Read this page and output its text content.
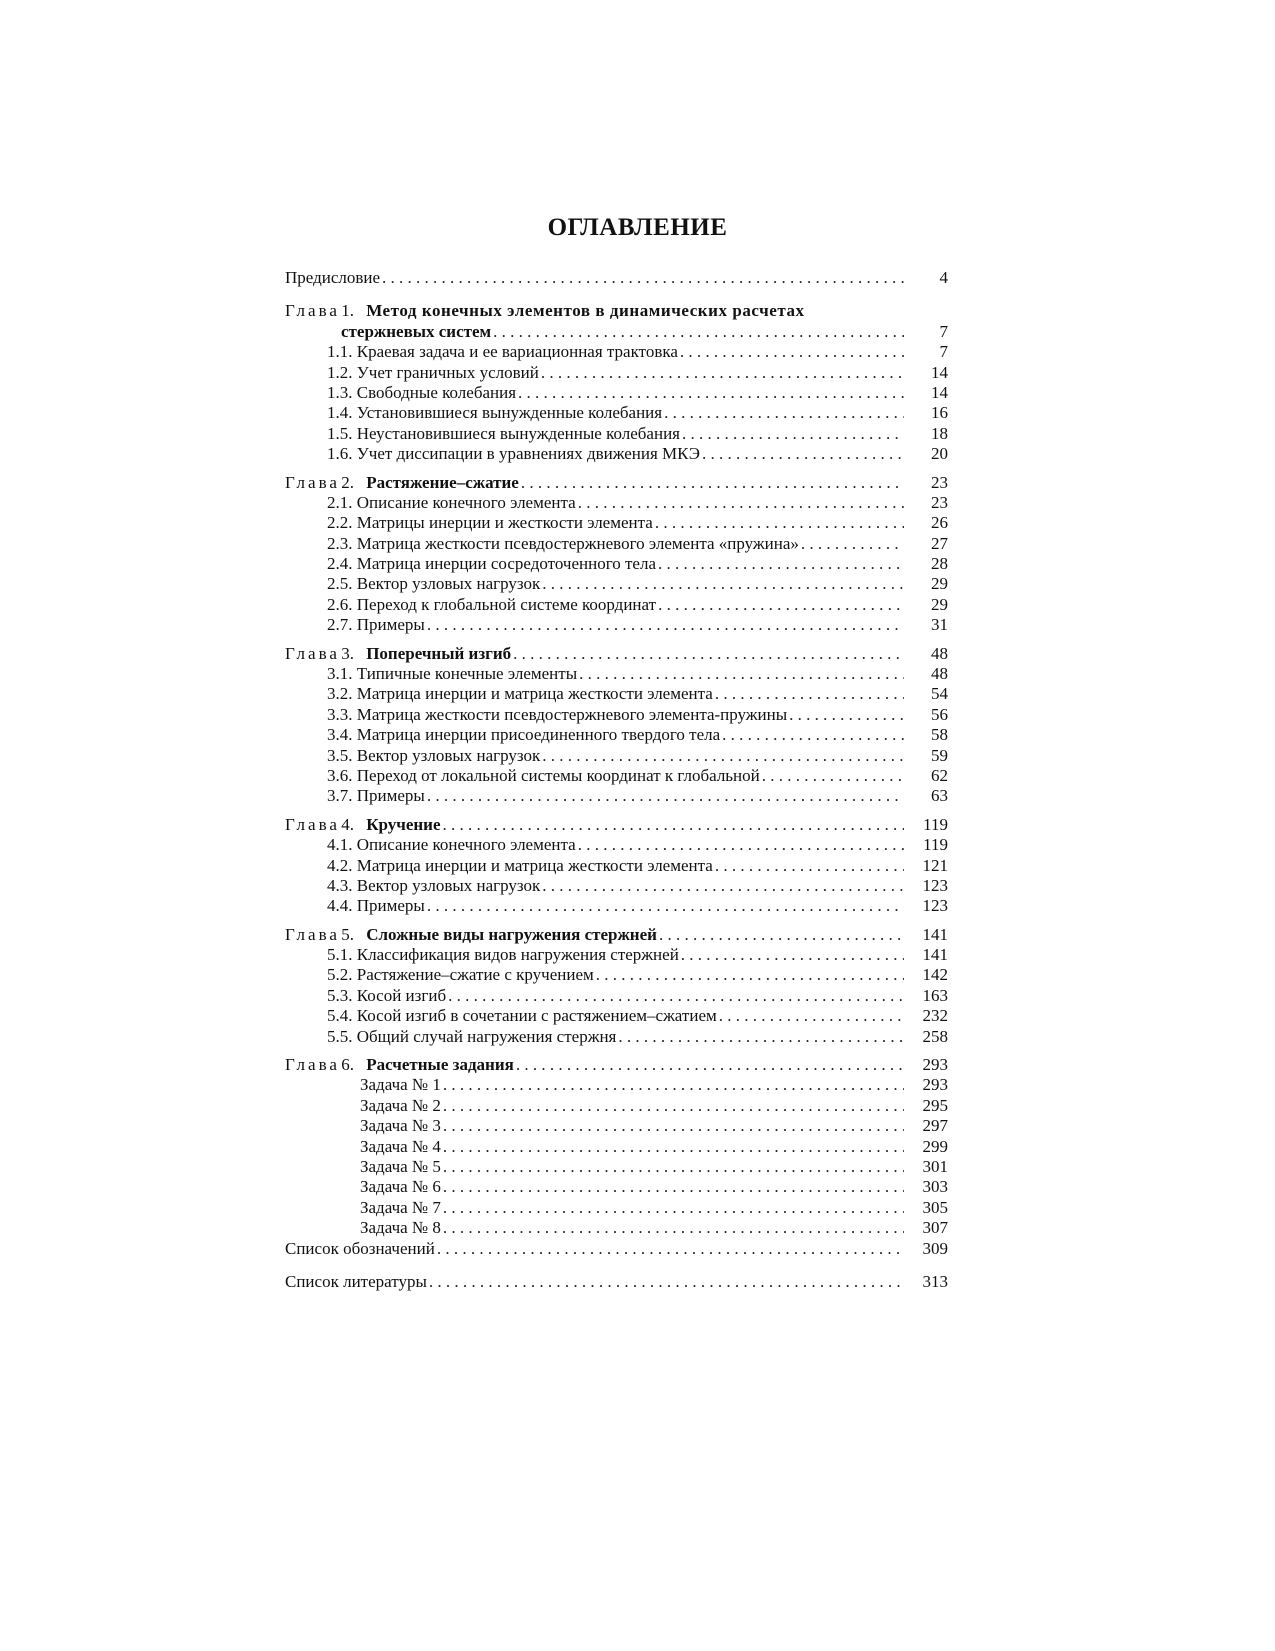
ОГЛАВЛЕНИЕ
Предисловие . . .	4
Глава 1. Метод конечных элементов в динамических расчетах
стержневых систем . . .	7
1.1. Краевая задача и ее вариационная трактовка . . .	7
1.2. Учет граничных условий . . .	14
1.3. Свободные колебания . . .	14
1.4. Установившиеся вынужденные колебания . . .	16
1.5. Неустановившиеся вынужденные колебания . . .	18
1.6. Учет диссипации в уравнениях движения МКЭ . . .	20
Глава 2. Растяжение–сжатие . . .	23
2.1. Описание конечного элемента . . .	23
2.2. Матрицы инерции и жесткости элемента . . .	26
2.3. Матрица жесткости псевдостержневого элемента «пружина» . . .	27
2.4. Матрица инерции сосредоточенного тела . . .	28
2.5. Вектор узловых нагрузок . . .	29
2.6. Переход к глобальной системе координат . . .	29
2.7. Примеры . . .	31
Глава 3. Поперечный изгиб . . .	48
3.1. Типичные конечные элементы . . .	48
3.2. Матрица инерции и матрица жесткости элемента . . .	54
3.3. Матрица жесткости псевдостержневого элемента-пружины . . .	56
3.4. Матрица инерции присоединенного твердого тела . . .	58
3.5. Вектор узловых нагрузок . . .	59
3.6. Переход от локальной системы координат к глобальной . . .	62
3.7. Примеры . . .	63
Глава 4. Кручение . . .	119
4.1. Описание конечного элемента . . .	119
4.2. Матрица инерции и матрица жесткости элемента . . .	121
4.3. Вектор узловых нагрузок . . .	123
4.4. Примеры . . .	123
Глава 5. Сложные виды нагружения стержней . . .	141
5.1. Классификация видов нагружения стержней . . .	141
5.2. Растяжение–сжатие с кручением . . .	142
5.3. Косой изгиб . . .	163
5.4. Косой изгиб в сочетании с растяжением–сжатием . . .	232
5.5. Общий случай нагружения стержня . . .	258
Глава 6. Расчетные задания . . .	293
Задача № 1 . . .	293
Задача № 2 . . .	295
Задача № 3 . . .	297
Задача № 4 . . .	299
Задача № 5 . . .	301
Задача № 6 . . .	303
Задача № 7 . . .	305
Задача № 8 . . .	307
Список обозначений . . .	309
Список литературы . . .	313
